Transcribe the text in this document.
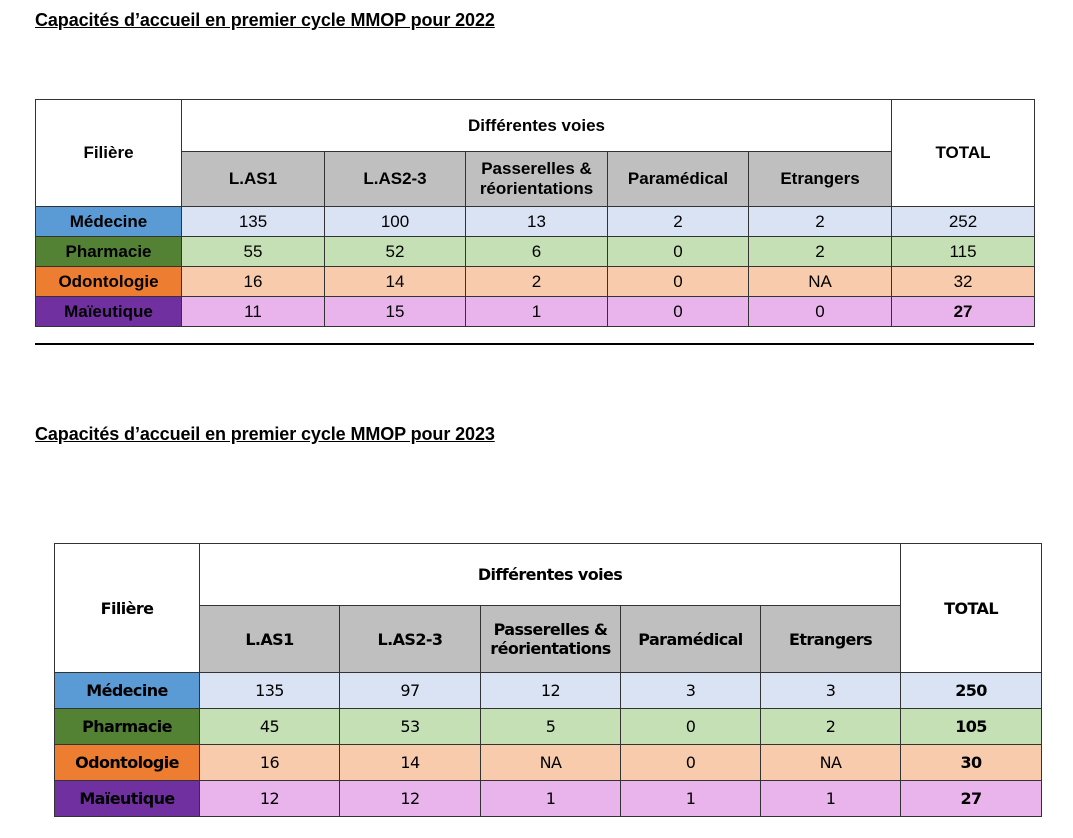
Capacités d’accueil en premier cycle MMOP pour 2022
Filière	Différentes voies					TOTAL
	L.AS1	L.AS2-3	Passerelles & réorientations	Paramédical	Etrangers	
Médecine	135	100	13	2	2	252
Pharmacie	55	52	6	0	2	115
Odontologie	16	14	2	0	NA	32
Maïeutique	11	15	1	0	0	27
Capacités d’accueil en premier cycle MMOP pour 2023
Filière	Différentes voies					TOTAL
	L.AS1	L.AS2-3	Passerelles & réorientations	Paramédical	Etrangers	
Médecine	135	97	12	3	3	250
Pharmacie	45	53	5	0	2	105
Odontologie	16	14	NA	0	NA	30
Maïeutique	12	12	1	1	1	27
